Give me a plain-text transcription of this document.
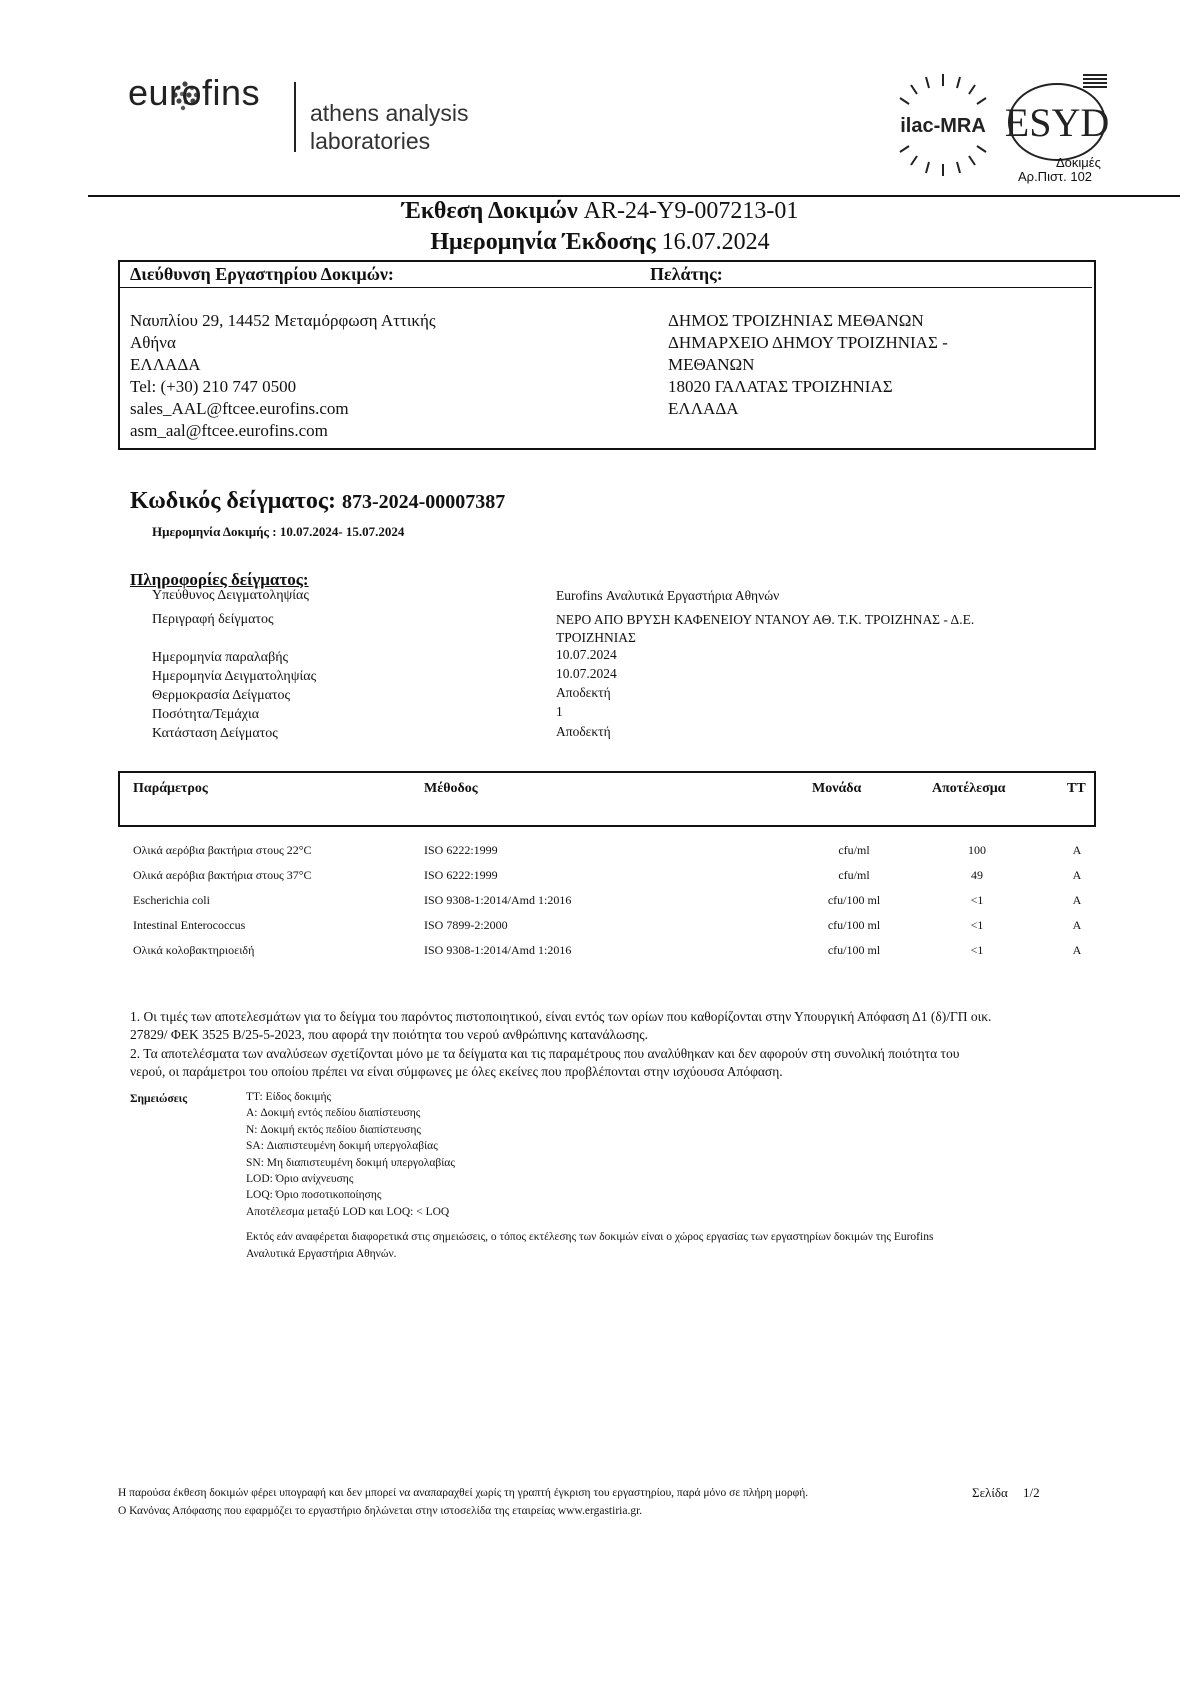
eurofins athens analysis
laboratories
ilac-MRA ESYD
Δοκιμές
Αρ.Πιστ. 102
Έκθεση Δοκιμών AR-24-Y9-007213-01
Ημερομηνία Έκδοσης 16.07.2024
Διεύθυνση Εργαστηρίου Δοκιμών:	Πελάτης:
Ναυπλίου 29, 14452 Μεταμόρφωση Αττικής
Αθήνα
ΕΛΛΑΔΑ
Tel: (+30) 210 747 0500
sales_AAL@ftcee.eurofins.com
asm_aal@ftcee.eurofins.com
ΔΗΜΟΣ ΤΡΟΙΖΗΝΙΑΣ ΜΕΘΑΝΩΝ
ΔΗΜΑΡΧΕΙΟ ΔΗΜΟΥ ΤΡΟΙΖΗΝΙΑΣ -
ΜΕΘΑΝΩΝ
18020 ΓΑΛΑΤΑΣ ΤΡΟΙΖΗΝΙΑΣ
ΕΛΛΑΔΑ
Κωδικός δείγματος: 873-2024-00007387
Ημερομηνία Δοκιμής : 10.07.2024- 15.07.2024
Πληροφορίες δείγματος:
Υπεύθυνος Δειγματοληψίας	Eurofins Αναλυτικά Εργαστήρια Αθηνών
Περιγραφή δείγματος	ΝΕΡΟ ΑΠΟ ΒΡΥΣΗ ΚΑΦΕΝΕΙΟΥ ΝΤΑΝΟΥ ΑΘ. Τ.Κ. ΤΡΟΙΖΗΝΑΣ - Δ.Ε.
ΤΡΟΙΖΗΝΙΑΣ
Ημερομηνία παραλαβής	10.07.2024
Ημερομηνία Δειγματοληψίας	10.07.2024
Θερμοκρασία Δείγματος	Αποδεκτή
Ποσότητα/Τεμάχια	1
Κατάσταση Δείγματος	Αποδεκτή
Παράμετρος	Μέθοδος	Μονάδα	Αποτέλεσμα	ΤΤ
Ολικά αερόβια βακτήρια στους 22°C	ISO 6222:1999	cfu/ml	100	A
Ολικά αερόβια βακτήρια στους 37°C	ISO 6222:1999	cfu/ml	49	A
Escherichia coli	ISO 9308-1:2014/Amd 1:2016	cfu/100 ml	<1	A
Intestinal Enterococcus	ISO 7899-2:2000	cfu/100 ml	<1	A
Ολικά κολοβακτηριοειδή	ISO 9308-1:2014/Amd 1:2016	cfu/100 ml	<1	A
1. Οι τιμές των αποτελεσμάτων για το δείγμα του παρόντος πιστοποιητικού, είναι εντός των ορίων που καθορίζονται στην Υπουργική Απόφαση Δ1 (δ)/ΓΠ οικ.
27829/ ΦΕΚ 3525 Β/25-5-2023, που αφορά την ποιότητα του νερού ανθρώπινης κατανάλωσης.
2. Τα αποτελέσματα των αναλύσεων σχετίζονται μόνο με τα δείγματα και τις παραμέτρους που αναλύθηκαν και δεν αφορούν στη συνολική ποιότητα του
νερού, οι παράμετροι του οποίου πρέπει να είναι σύμφωνες με όλες εκείνες που προβλέπονται στην ισχύουσα Απόφαση.
Σημειώσεις	TT: Είδος δοκιμής
A: Δοκιμή εντός πεδίου διαπίστευσης
N: Δοκιμή εκτός πεδίου διαπίστευσης
SA: Διαπιστευμένη δοκιμή υπεργολαβίας
SN: Μη διαπιστευμένη δοκιμή υπεργολαβίας
LOD: Όριο ανίχνευσης
LOQ: Όριο ποσοτικοποίησης
Αποτέλεσμα μεταξύ LOD και LOQ: < LOQ
Εκτός εάν αναφέρεται διαφορετικά στις σημειώσεις, ο τόπος εκτέλεσης των δοκιμών είναι ο χώρος εργασίας των εργαστηρίων δοκιμών της Eurofins
Αναλυτικά Εργαστήρια Αθηνών.
Η παρούσα έκθεση δοκιμών φέρει υπογραφή και δεν μπορεί να αναπαραχθεί χωρίς τη γραπτή έγκριση του εργαστηρίου, παρά μόνο σε πλήρη μορφή.
Ο Κανόνας Απόφασης που εφαρμόζει το εργαστήριο δηλώνεται στην ιστοσελίδα της εταιρείας www.ergastiria.gr.
Σελίδα 1/2
